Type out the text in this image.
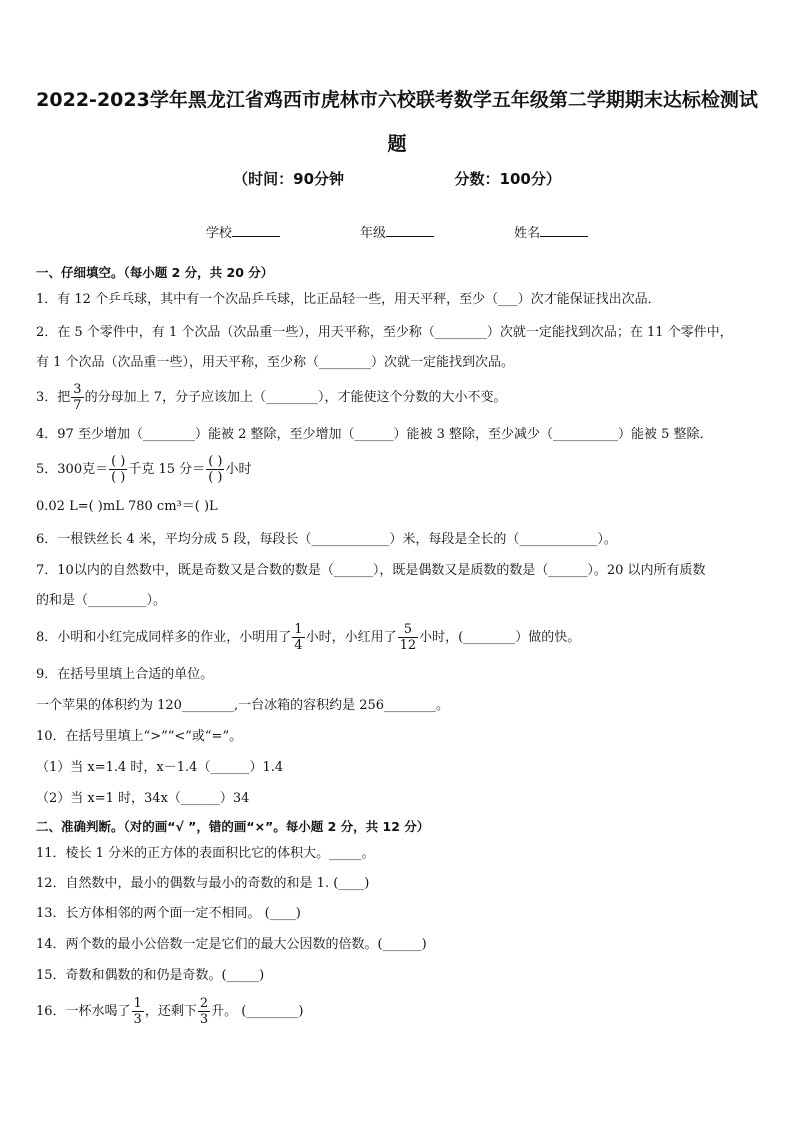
2022-2023学年黑龙江省鸡西市虎林市六校联考数学五年级第二学期期末达标检测试题
（时间：90分钟	分数：100分）
学校	年级	姓名
一、仔细填空。（每小题 2 分，共 20 分）
1．有 12 个乒乓球，其中有一个次品乒乓球，比正品轻一些，用天平秤，至少（___）次才能保证找出次品．
2．在 5 个零件中，有 1 个次品（次品重一些），用天平称，至少称（________）次就一定能找到次品；在 11 个零件中，
有 1 个次品（次品重一些），用天平称，至少称（________）次就一定能找到次品。
3．把 $\frac{3}{7}$ 的分母加上 7，分子应该加上（________），才能使这个分数的大小不变。
4．97 至少增加（________）能被 2 整除，至少增加（______）能被 3 整除，至少减少（__________）能被 5 整除．
5．300克＝ $\frac{( )}{( )}$ 千克 15 分＝ $\frac{( )}{( )}$ 小时
0.02 L=( )mL 780 cm³＝( )L
6．一根铁丝长 4 米，平均分成 5 段，每段长（____________）米，每段是全长的（____________）。
7．10以内的自然数中，既是奇数又是合数的数是（______），既是偶数又是质数的数是（______）。20 以内所有质数
的和是（_________）。
8．小明和小红完成同样多的作业，小明用了 $\frac{1}{4}$ 小时，小红用了 $\frac{5}{12}$ 小时，(________）做的快。
9．在括号里填上合适的单位。
一个苹果的体积约为 120________,一台冰箱的容积约是 256________。
10．在括号里填上“>”“<”或“=”。
（1）当 x=1.4 时，x－1.4（______）1.4
（2）当 x=1 时，34x（______）34
二、准确判断。（对的画“√ ”，错的画“×”。每小题 2 分，共 12 分）
11．棱长 1 分米的正方体的表面积比它的体积大。_____。
12．自然数中，最小的偶数与最小的奇数的和是 1. (____)
13．长方体相邻的两个面一定不相同。 (____)
14．两个数的最小公倍数一定是它们的最大公因数的倍数。(______)
15．奇数和偶数的和仍是奇数。(_____)
16．一杯水喝了 $\frac{1}{3}$ ，还剩下 $\frac{2}{3}$ 升。 (________)
